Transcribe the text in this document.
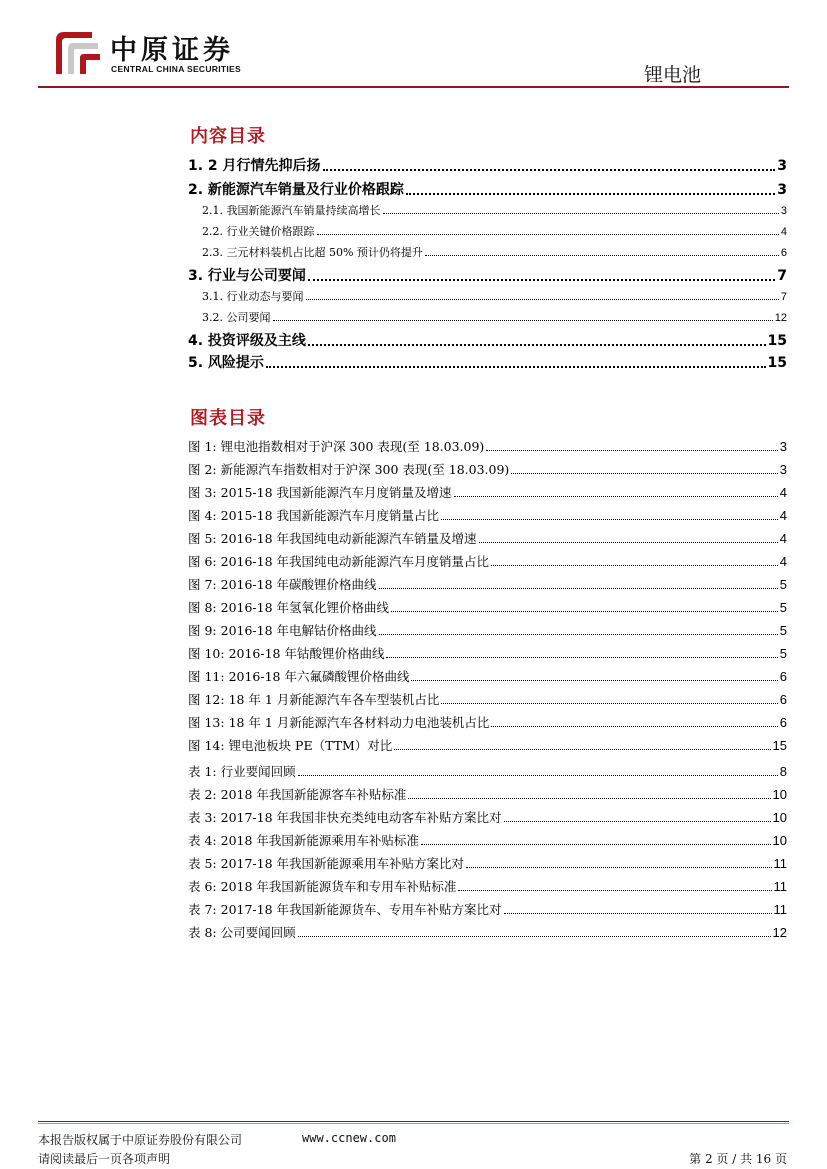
中原证券
CENTRAL CHINA SECURITIES	锂电池
内容目录
1. 2 月行情先抑后扬	3
2. 新能源汽车销量及行业价格跟踪	3
2.1. 我国新能源汽车销量持续高增长	3
2.2. 行业关键价格跟踪	4
2.3. 三元材料装机占比超 50% 预计仍将提升	6
3. 行业与公司要闻	7
3.1. 行业动态与要闻	7
3.2. 公司要闻	12
4. 投资评级及主线	15
5. 风险提示	15
图表目录
图 1: 锂电池指数相对于沪深 300 表现(至 18.03.09)	3
图 2: 新能源汽车指数相对于沪深 300 表现(至 18.03.09)	3
图 3: 2015-18 我国新能源汽车月度销量及增速	4
图 4: 2015-18 我国新能源汽车月度销量占比	4
图 5: 2016-18 年我国纯电动新能源汽车销量及增速	4
图 6: 2016-18 年我国纯电动新能源汽车月度销量占比	4
图 7: 2016-18 年碳酸锂价格曲线	5
图 8: 2016-18 年氢氧化锂价格曲线	5
图 9: 2016-18 年电解钴价格曲线	5
图 10: 2016-18 年钴酸锂价格曲线	5
图 11: 2016-18 年六氟磷酸锂价格曲线	6
图 12: 18 年 1 月新能源汽车各车型装机占比	6
图 13: 18 年 1 月新能源汽车各材料动力电池装机占比	6
图 14: 锂电池板块 PE（TTM）对比	15
表 1: 行业要闻回顾	8
表 2: 2018 年我国新能源客车补贴标准	10
表 3: 2017-18 年我国非快充类纯电动客车补贴方案比对	10
表 4: 2018 年我国新能源乘用车补贴标准	10
表 5: 2017-18 年我国新能源乘用车补贴方案比对	11
表 6: 2018 年我国新能源货车和专用车补贴标准	11
表 7: 2017-18 年我国新能源货车、专用车补贴方案比对	11
表 8: 公司要闻回顾	12
本报告版权属于中原证券股份有限公司	www.ccnew.com
请阅读最后一页各项声明	第 2 页 / 共 16 页
